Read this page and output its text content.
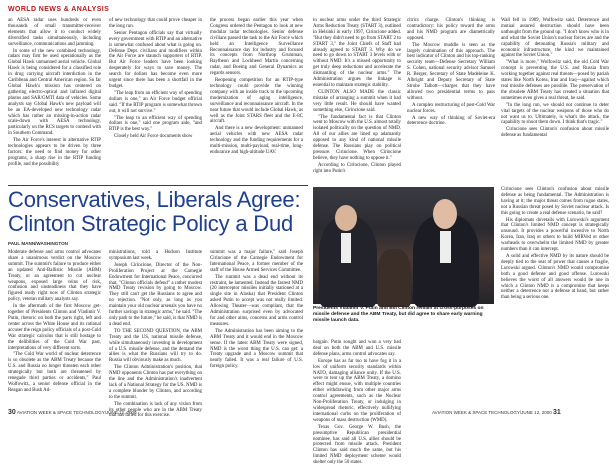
WORLD NEWS & ANALYSIS

an AESA radar uses hundreds or even thousands of small transmitter-receiver elements that allow it to conduct widely diversified tasks simultaneously, including surveillance, communications and jamming.

In some of the new combined technology, radars may first be used operationally as the Global Hawk unmanned aerial vehicle. Global Hawk is being considered for a classified role in drug carrying aircraft interdiction in the Caribbean and Central American region. So far Global Hawk's mission has centered on gathering electro-optical and infrared digital photos and SAR/GMTI data of vehicles. Some analysts say Global Hawk's new payload will be an EA-developed new technology radar which has rather an missing-in-action radar scale-down with AESA technology, particularly on the RCS targets to contend with in Southern Command.

The Air Force's interest in alternative RTIP technologies appears to be driven by three factors: the need to find money for other programs, a sharp rise in the RTIP funding profile, and the possibility

of new technology that could prove cheaper in the long run.

Senior Pentagon officials say that virtually every government with RTIP and an alternative is somewhat confused about what is going on. Defense Dept. civilians and modifiers within the Air Force are staunch supporters of RTIP. But Air Force leaders have been looking desperately for ways to save money. The search for dollars has become even more urgent since there has been a shortfall in the budget.

"The leap from an efficient way of spending dollars is one," an Air Force budget official said. "If the RTIP program is somewhat thrown out, it will not survive."

"The leap to an efficient way of spending dollars is one," said one program aide, "and RTIP is the best way."

Closely held Air Force documents show

the process began earlier this year when Congress ordered the Pentagon to look at new modular radar technologies. Senior defense civilians passed the task to the Air Force which held an Intelligence Surveillance Reconnaissance day for industry and focused its concepts from Northrop Grumman, Raytheon and Lockheed Martin concerning radar, and Boeing and General Dynamics as regards sensors.

Reopening competition for an RTIP-type technology could provide the winning company with an inside track to the upcoming modernization of aging intelligence, surveillance and reconnaissance aircraft. In the near future that would include Global Hawk, as well as the Joint STARS fleet and the E-8C aircraft.

And there is a new development: unmanned aerial vehicles with new AESA radar technology and the funding requirements for a multi-mission, multi-payload, real-time, long-endurance and high-altitude UAV.

in nuclear arms under the third Strategic Arms Reduction Treaty (START 3), outlined in Helsinki in early 1997, Cirincione added. "But they didn't need to go from START 2 to START 3," the Joint Chiefs of Staff had already agreed to START 3. Why do we need to go down to START 3 levels with or without NMD. It's a missed opportunity to get truly deep reductions and accelerate the dismantling of the nuclear arms." The Administration argues the linkage is essential to maintain strategic stability.

CLINTON ALSO MADE the classic mistake of arranging a summit when it had very little result. He should have wanted something else, Cirincione said.

"The fundamental fact is that Clinton went to Moscow with the U.S. almost totally isolated politically on the question of NMD. All of our allies are lined up adamantly opposed to any kind of national missile defense. The Russians play on political pressure. Cirincione. When Cirincione believe, they have nothing to oppose it."

According to Cirincione, Clinton played right into Putin's

citrics charge. Clinton's thinking is contradictory: his policy toward the arms and his NMD program are diametrically opposed.

The Moscow muddle is seen as the largely culmination of this approach. The best indicator of Clinton and his top-ranking security team—Defense Secretary William S. Cohen, national security advisor Samuel R. Berger, Secretary of State Madeleine K. Albright and Deputy Secretary of State Strobe Talbott—charges that they have allowed two presidential terms to pass without.

A complex restructuring of post-Cold War nuclear forces.

A new way of thinking of Soviet-era deterrence doctrine.

Wall fell in 1989, Wolfowitz said. Deterrence and mutual assured destruction should have been unthought from the ground up. "I don't know who is in and what the Soviet Union's nuclear forces are and the capability of detonating Russia's military and economic infrastructure, the kind we maintained against the Soviet Union."

"What is more," Wolfowitz said, the old Cold War concept is preventing the U.S. and Russia from working together against real threats—posed by pariah states like North Korea, Iran and Iraq—against which real missile defenses are possible. The preservation of the obsolete ABM Treaty has created a situation that sometimes even gives a real threat, he said.

"In the long run, we should not continue to deter vital targets of the nuclear weapons of those who do not want us to. Ultimately, is what's the attack, the capability to shoot them down. I think that's tragic."

Cirincione sees Clinton's confusion about missile defense as fundamental

Conservatives, Liberals Agree: Clinton Strategic Policy a Dud
PAUL MANN/WASHINGTON

Moderate defense and arms control advocates share a unanimous verdict on the Moscow summit. The summit's failure to produce either an updated Anti-Ballistic Missile (ABM) Treaty, or an agreement to cut nuclear weapons, exposed large veins of risk, confusion and unsteadiness that they have figured ready right now of Clinton strategic policy, veteran military analysts say.

In the aftermath of the first Moscow get-together of Presidents Clinton and Vladimir V. Putin, rhetoric on both the parts right, left and center across the White House and its rational accuser the reign policy officials of a post-Cold War strategic calculus that is still hostage to the delibilities of the Cold War past, interpretations of very different sorts.

"The Cold War world of nuclear deterrence is so obsolete as the ABM Treaty because the U.S. and Russia no longer threaten each other strategically but both are threatened by renegade third parties or accidents," Paul Wolfowitz, a senior defense official in the Reagan and Bush Ad-

ministrations, told a Hudson Institute symposium last week.

Joseph Cirincione, Director of the Non-Proliferation Project at the Carnegie Endowment for International Peace, concurred that, "Clinton officials defend" a rather modest NMD Treaty revision by going to Moscow. They still can't get the Russians to agree and no rejection. "Not only, as long as you maintain your old nuclear arsenals you have no further savings in strategic arms," he said. "The only path to the future," he said, is that NMD is a dead end.

TO THE SECOND QUESTION, the ABM Treaty and the US, national missile defense, while simultaneously investing in development of a U.S. missile defense, and the demand the allies is what the Russians will try to do. Russia will obviously make as much.

The Clinton Administration's position, that NMD opponents Clinton has put everything on the line and the Administration's inadvertent lack of a National Strategy for the US. NMD is a complete blunder by Clinton, and according to the summit.

The combination is lack of any vision from its other people who are in the ABM Treaty that has failed for this exercise.

summit was a major failure," said Joseph Cirincione of the Carnegie Endowment for International Peace, a former member of the staff of the House Armed Services Committee.

The summit was a dead end without its restraint, he lamented. Instead the fastest NMD (20 interceptor missiles initially stationed at a single site in Alaska) that President Clinton asked Putin to accept was not really limited. Allowing Theater—was compliant, that the Administration surprised even by advocated for and other aims, concerns and arms control measures.

The Administration has been aiming to the ABM Treaty and it would end in the Moscow sense. If the latest ABM Treaty were signed, NMD is the worst thing the U.S. can get: a Treaty upgrade and a Moscow summit that nearly failed. It was a real failure of U.S. foreign policy.

Presidents Vladimir V. Putin and Bill Clinton remain at cross-purposes on missile defense and the ABM Treaty, but did agree to share early warning missile launch data.

bargain. Putin sought and won a very bad deal on both the ABM and U.S. missile defense plans, arms control advocates say.

Europe has as far too to have fog it in a low of uniform security standards within NATO, damaging alliance unity. If the U.S. were to tear up the ABM Treaty, a domino effect might ensue, with multiple countries either withdrawing from other major arms control agreements, such as the Nuclear Non-Proliferation Treaty, or indulging in widespread rhetoric, effectively nullifying international curbs on the proliferation of weapons of mass destruction (WMD).

Texas Gov. George W. Bush, the presumptive Republican presidential nominee, has said all U.S. allies should be protected from missile attack. President Clinton has said much the same, but his limited NMD deployment scheme would shelter only the 50 states.

Cirincione sees Clinton's confusion about missile defense as being fundamental. The Administration is having at it; the major threat comes from rogue states, not a Russian threat posed by Soviet nuclear attack. Is this going to create a real defense scenario, he said?

His diplomats dovetails with Lurowski's argument that Clinton's limited NMD concept is strategically unsound. It provides a powerful incentive to North Korea, Iran, Iraq or others to build MIRVed or other warheads to overwhelm the limited NMD by greater numbers than it can intercept.

A solid and effective NMD by its nature should be deeply tied to the seat of power that causes a fragile, Lurowski argued. Clinton's NMD would compromise both a good defense and good offense. Lurowski believes the worst of all answers would be one in which a Clinton NMD is a compromise that keeps neither a deterrence nor a defense at hand, but rather than being a serious one.

30 AVIATION WEEK & SPACE TECHNOLOGY/JUNE 12, 2000	AVIATION WEEK & SPACE TECHNOLOGY/JUNE 12, 2000 31
